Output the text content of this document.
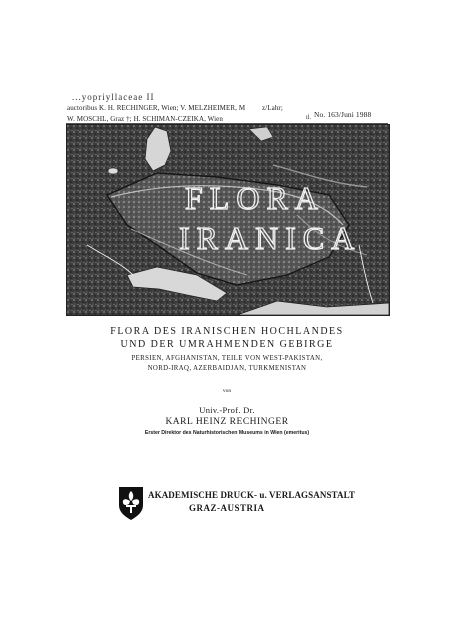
...yopriyllaceae II
auctoribus K. H. RECHINGER, Wien; V. MELZHEIMER, M z/Lahr;
W. MOSCHL, Graz †; H. SCHIMAN-CZEIKA, Wien	il. No. 163/Juni 1988
FLORA
IRANICA
FLORA DES IRANISCHEN HOCHLANDES
UND DER UMRAHMENDEN GEBIRGE
PERSIEN, AFGHANISTAN, TEILE VON WEST-PAKISTAN,
NORD-IRAQ, AZERBAIDJAN, TURKMENISTAN
von
Univ.-Prof. Dr.
KARL HEINZ RECHINGER
Erster Direktor des Naturhistorischen Museums in Wien (emeritus)
AKADEMISCHE DRUCK- u. VERLAGSANSTALT
GRAZ-AUSTRIA
